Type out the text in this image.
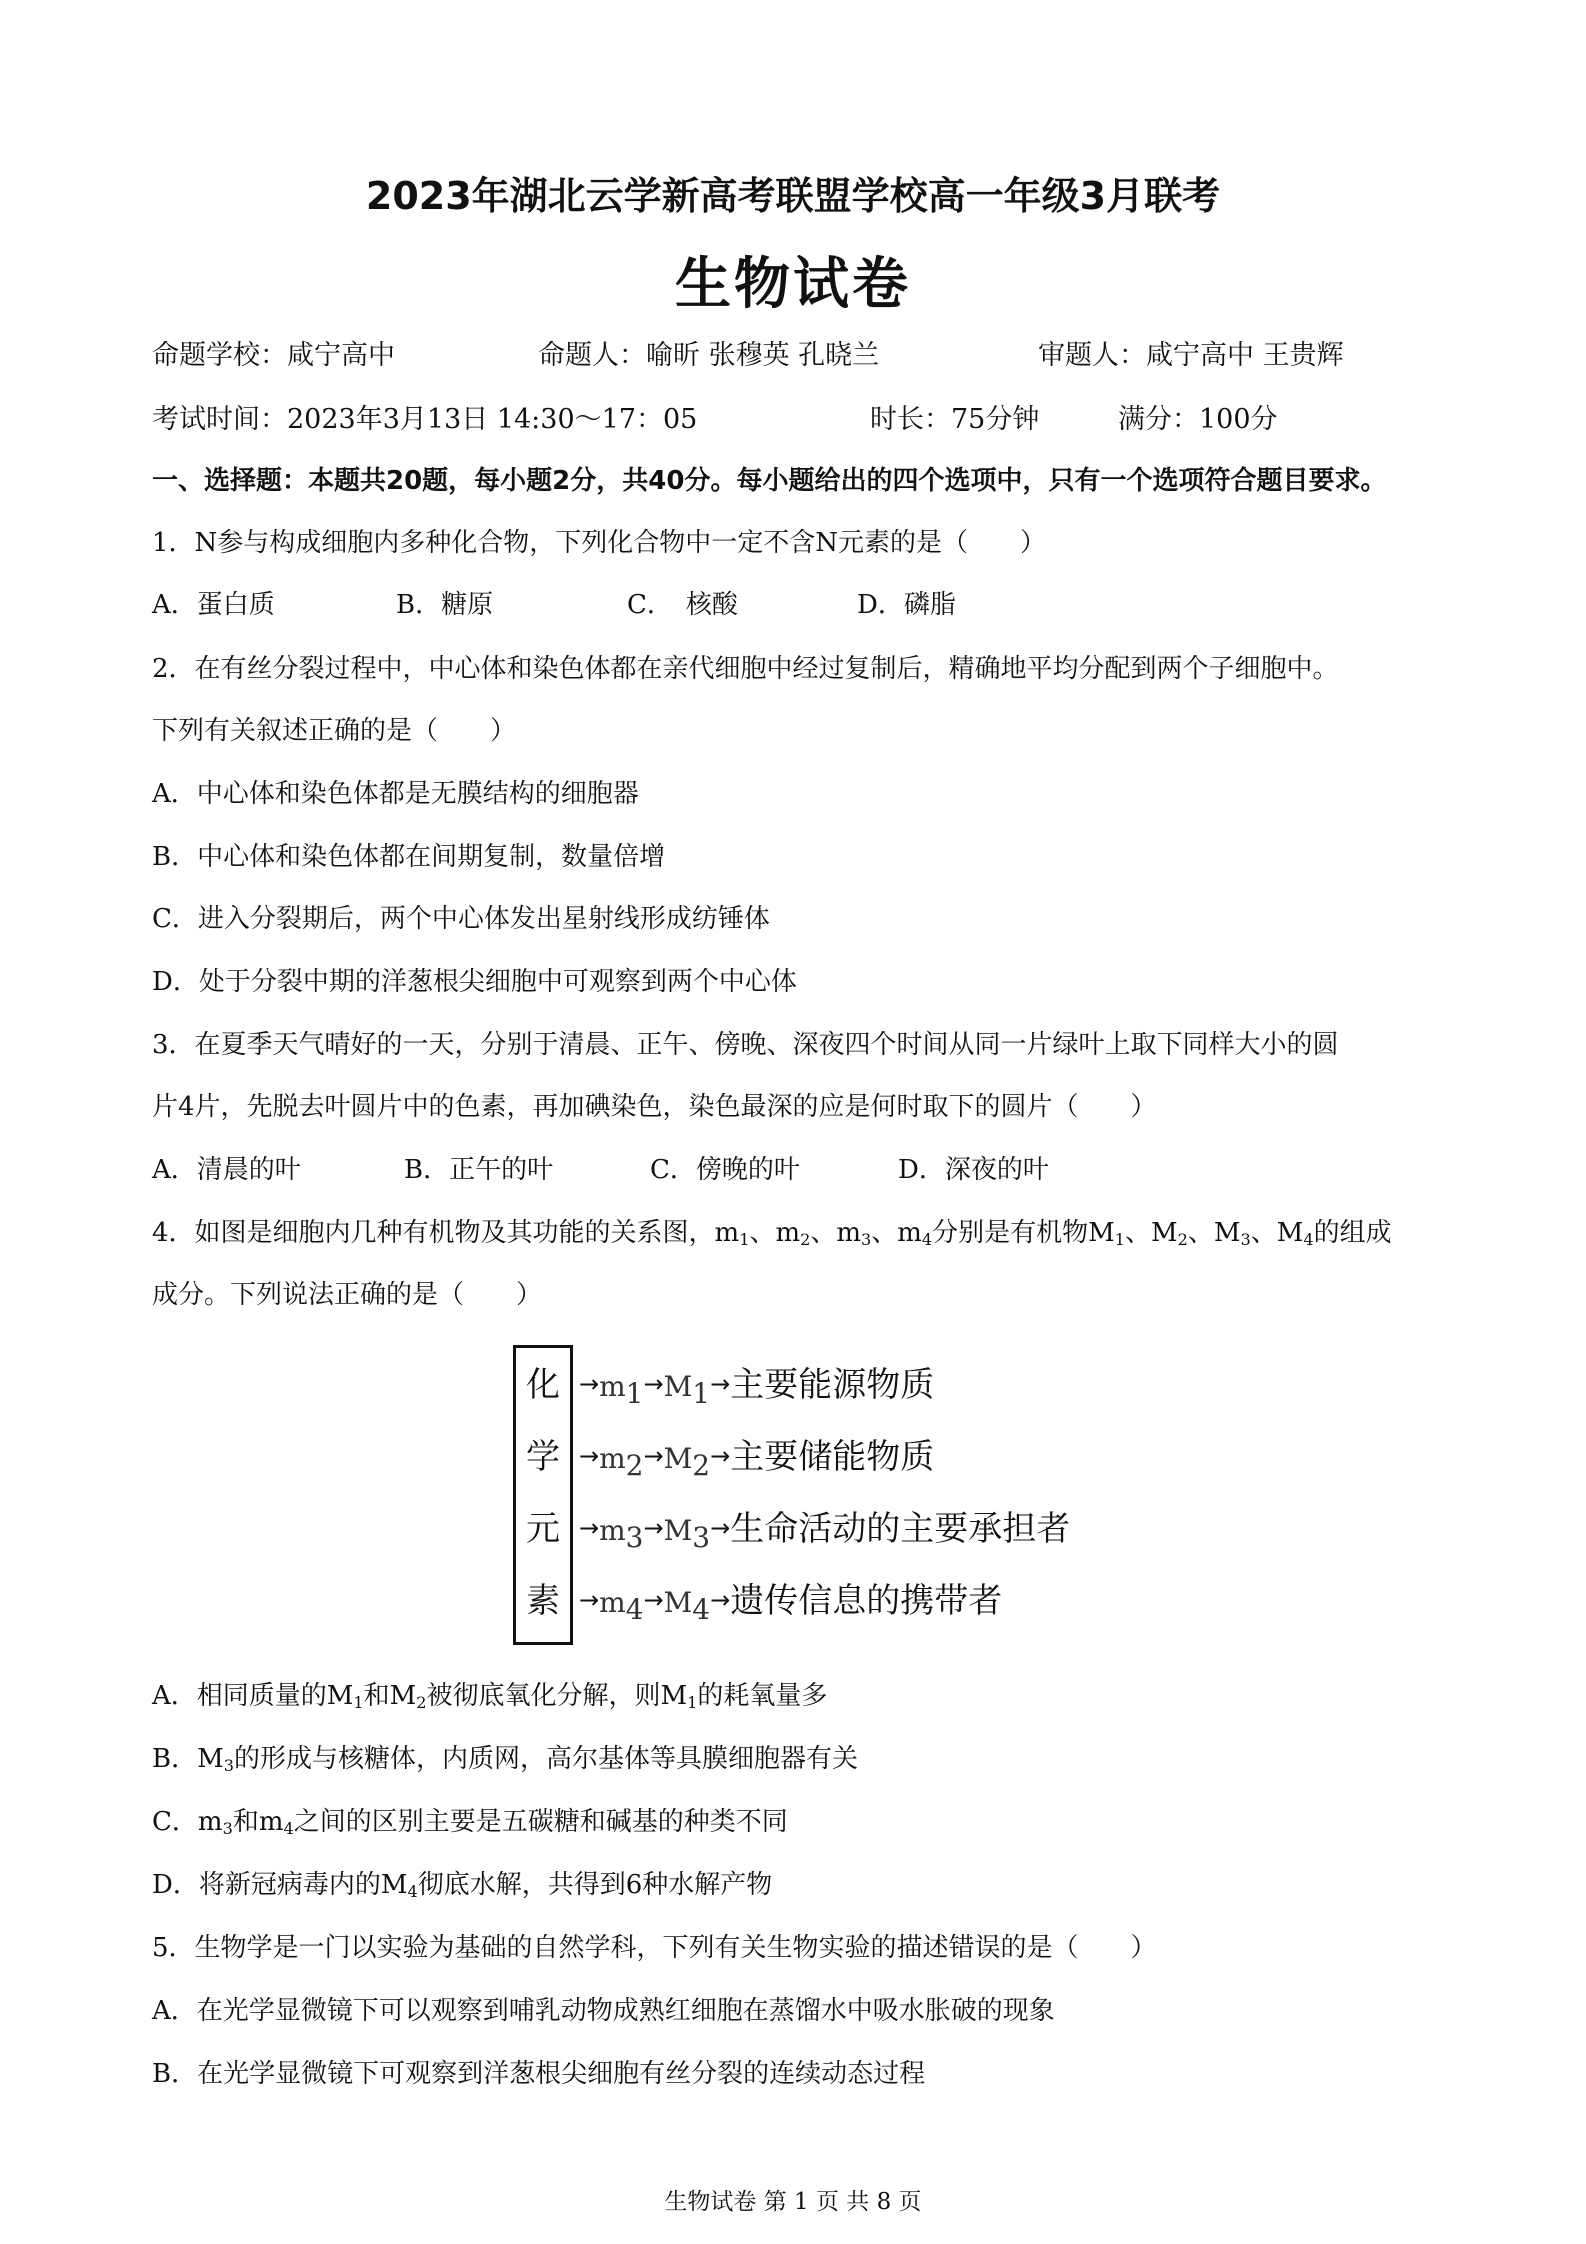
2023年湖北云学新高考联盟学校高一年级3月联考
生物试卷
命题学校：咸宁高中	命题人：喻昕 张穆英 孔晓兰	审题人：咸宁高中 王贵辉
考试时间：2023年3月13日 14:30～17：05	时长：75分钟	满分：100分
一、选择题：本题共20题，每小题2分，共40分。每小题给出的四个选项中，只有一个选项符合题目要求。
1．N参与构成细胞内多种化合物，下列化合物中一定不含N元素的是（　　）
A．蛋白质	B．糖原	C．　核酸	D．磷脂
2．在有丝分裂过程中，中心体和染色体都在亲代细胞中经过复制后，精确地平均分配到两个子细胞中。
下列有关叙述正确的是（　　）
A．中心体和染色体都是无膜结构的细胞器
B．中心体和染色体都在间期复制，数量倍增
C．进入分裂期后，两个中心体发出星射线形成纺锤体
D．处于分裂中期的洋葱根尖细胞中可观察到两个中心体
3．在夏季天气晴好的一天，分别于清晨、正午、傍晚、深夜四个时间从同一片绿叶上取下同样大小的圆
片4片，先脱去叶圆片中的色素，再加碘染色，染色最深的应是何时取下的圆片（　　）
A．清晨的叶	B．正午的叶	C．傍晚的叶	D．深夜的叶
4．如图是细胞内几种有机物及其功能的关系图，$m_1$、$m_2$、$m_3$、$m_4$分别是有机物$M_1$、$M_2$、$M_3$、$M_4$的组成
成分。下列说法正确的是（　　）
化
学
元
素
$\to m_1\to M_1\to$主要能源物质
$\to m_2\to M_2\to$主要储能物质
$\to m_3\to M_3\to$生命活动的主要承担者
$\to m_4\to M_4\to$遗传信息的携带者
A．相同质量的$M_1$和$M_2$被彻底氧化分解，则$M_1$的耗氧量多
B．$M_3$的形成与核糖体，内质网，高尔基体等具膜细胞器有关
C．$m_3$和$m_4$之间的区别主要是五碳糖和碱基的种类不同
D．将新冠病毒内的$M_4$彻底水解，共得到6种水解产物
5．生物学是一门以实验为基础的自然学科，下列有关生物实验的描述错误的是（　　）
A．在光学显微镜下可以观察到哺乳动物成熟红细胞在蒸馏水中吸水胀破的现象
B．在光学显微镜下可观察到洋葱根尖细胞有丝分裂的连续动态过程
生物试卷 第 1 页 共 8 页
